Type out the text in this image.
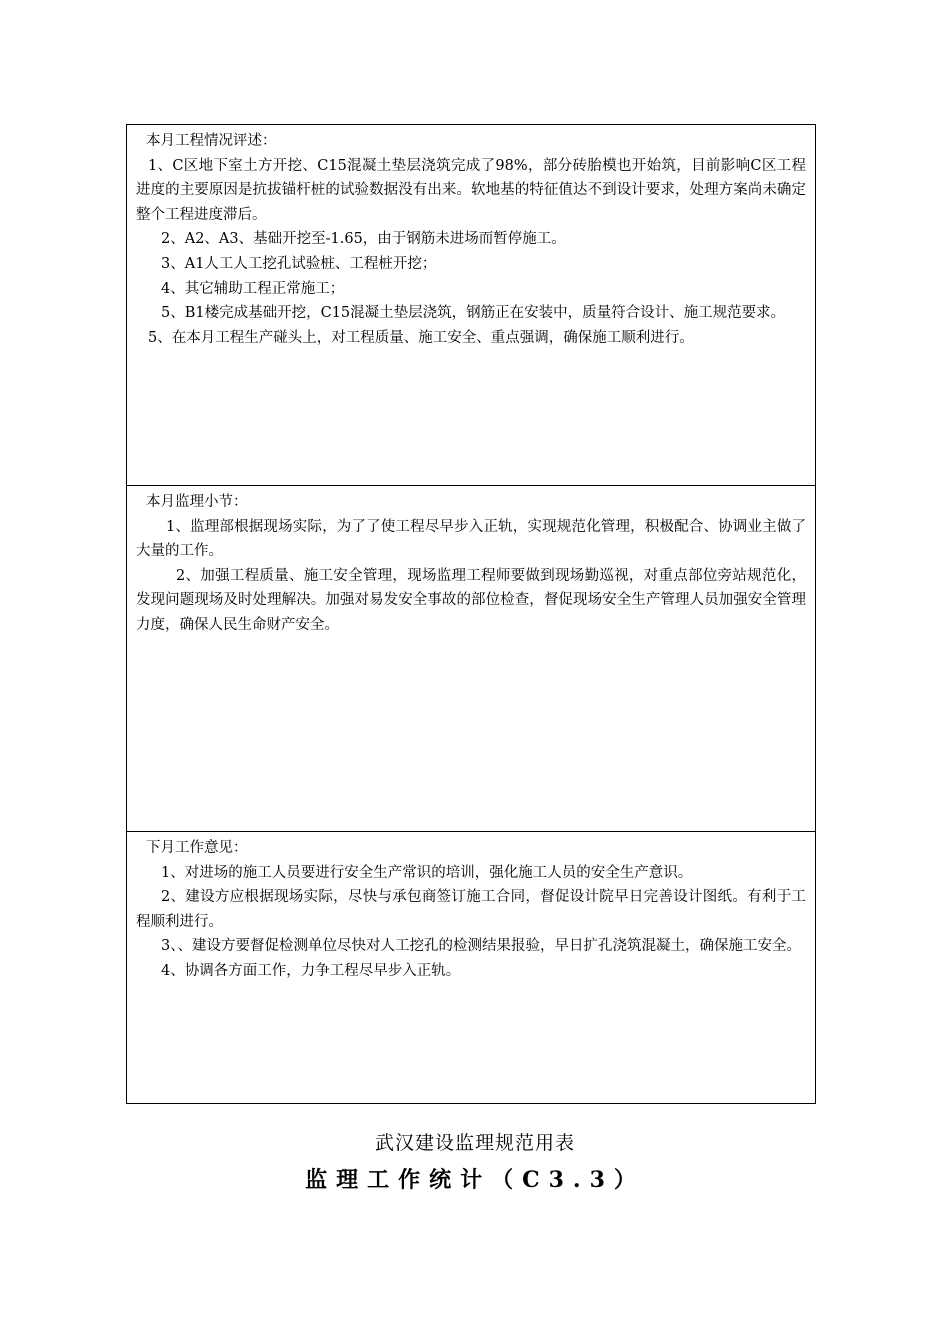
本月工程情况评述：

1、C区地下室土方开挖、C15混凝土垫层浇筑完成了98%，部分砖胎模也开始筑，目前影响C区工程进度的主要原因是抗拔锚杆桩的试验数据没有出来。软地基的特征值达不到设计要求，处理方案尚未确定整个工程进度滞后。

2、A2、A3、基础开挖至-1.65，由于钢筋未进场而暂停施工。

3、A1人工人工挖孔试验桩、工程桩开挖；

4、其它辅助工程正常施工；

5、B1楼完成基础开挖，C15混凝土垫层浇筑，钢筋正在安装中，质量符合设计、施工规范要求。

5、在本月工程生产碰头上，对工程质量、施工安全、重点强调，确保施工顺利进行。

本月监理小节：

1、监理部根据现场实际，为了了使工程尽早步入正轨，实现规范化管理，积极配合、协调业主做了大量的工作。

2、加强工程质量、施工安全管理，现场监理工程师要做到现场勤巡视，对重点部位旁站规范化，发现问题现场及时处理解决。加强对易发安全事故的部位检查，督促现场安全生产管理人员加强安全管理力度，确保人民生命财产安全。

下月工作意见：

1、对进场的施工人员要进行安全生产常识的培训，强化施工人员的安全生产意识。

2、建设方应根据现场实际，尽快与承包商签订施工合同，督促设计院早日完善设计图纸。有利于工程顺利进行。

3、、建设方要督促检测单位尽快对人工挖孔的检测结果报验，早日扩孔浇筑混凝土，确保施工安全。

4、协调各方面工作，力争工程尽早步入正轨。

武汉建设监理规范用表
监理工作统计（C3.3）
